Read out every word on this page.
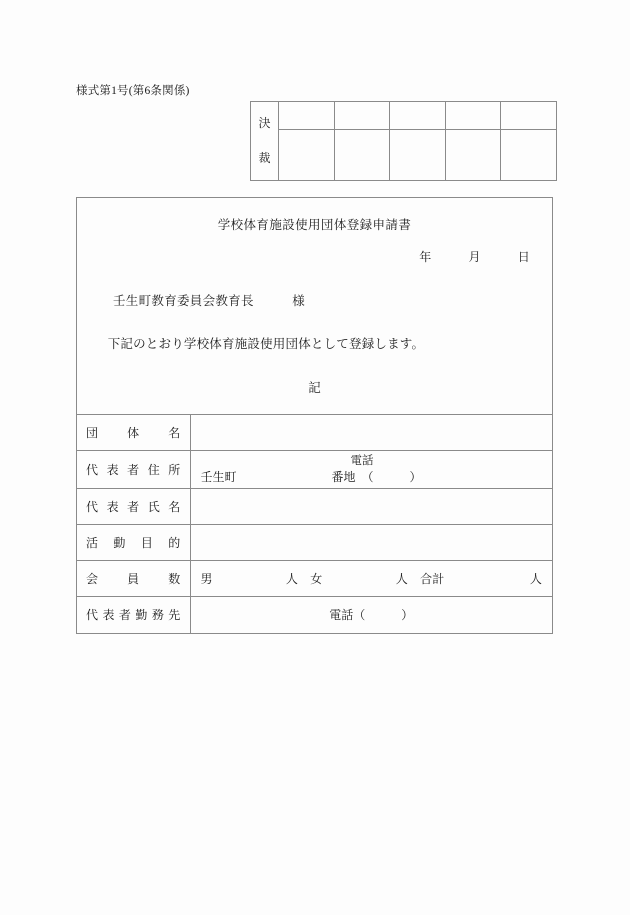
様式第1号(第6条関係)
決
裁					

学校体育施設使用団体登録申請書
年　　　月　　　日
壬生町教育委員会教育長　　　様
　下記のとおり学校体育施設使用団体として登録します。
記
団体名	
代表者住所	壬生町
電話
番地　（　　　）

代表者氏名	
活動目的	
会員数	男　　　　　　人　女　　　　　　人　合計　　　　　　　人

代表者勤務先	電話（　　　）
